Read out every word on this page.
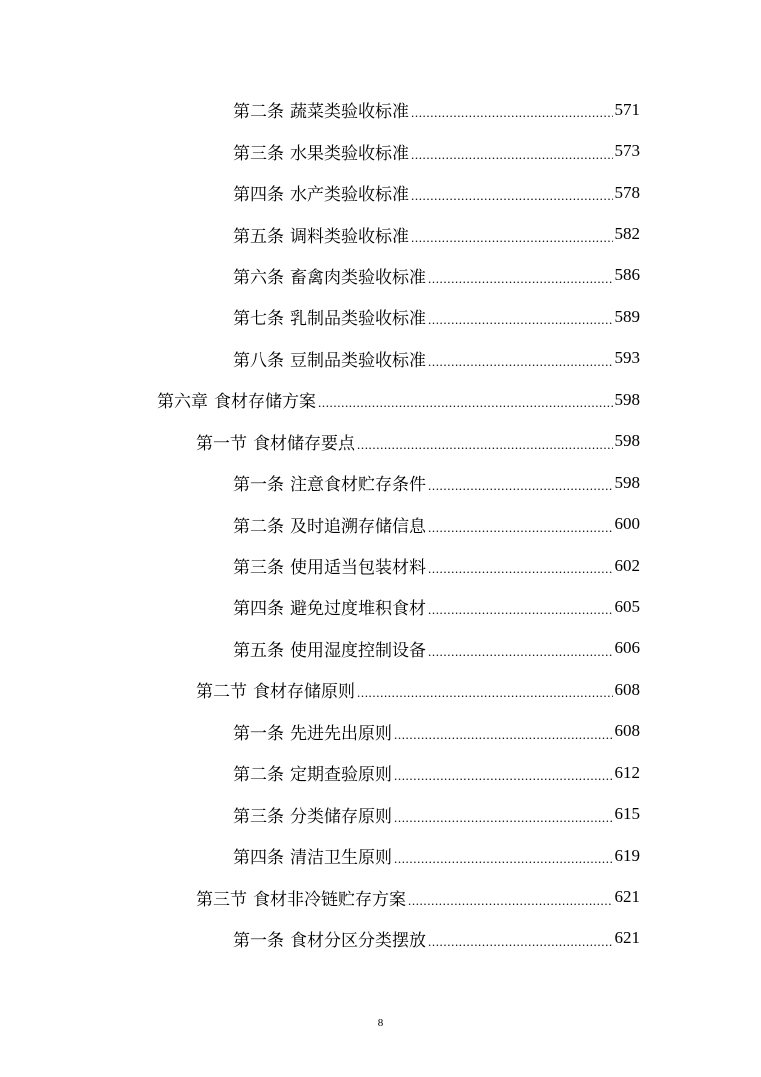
第二条 蔬菜类验收标准 .....	571
第三条 水果类验收标准 .....	573
第四条 水产类验收标准 .....	578
第五条 调料类验收标准 .....	582
第六条 畜禽肉类验收标准 .....	586
第七条 乳制品类验收标准 .....	589
第八条 豆制品类验收标准 .....	593
第六章 食材存储方案 .....	598
第一节 食材储存要点 .....	598
第一条 注意食材贮存条件 .....	598
第二条 及时追溯存储信息 .....	600
第三条 使用适当包装材料 .....	602
第四条 避免过度堆积食材 .....	605
第五条 使用湿度控制设备 .....	606
第二节 食材存储原则 .....	608
第一条 先进先出原则 .....	608
第二条 定期查验原则 .....	612
第三条 分类储存原则 .....	615
第四条 清洁卫生原则 .....	619
第三节 食材非冷链贮存方案 .....	621
第一条 食材分区分类摆放 .....	621
8
